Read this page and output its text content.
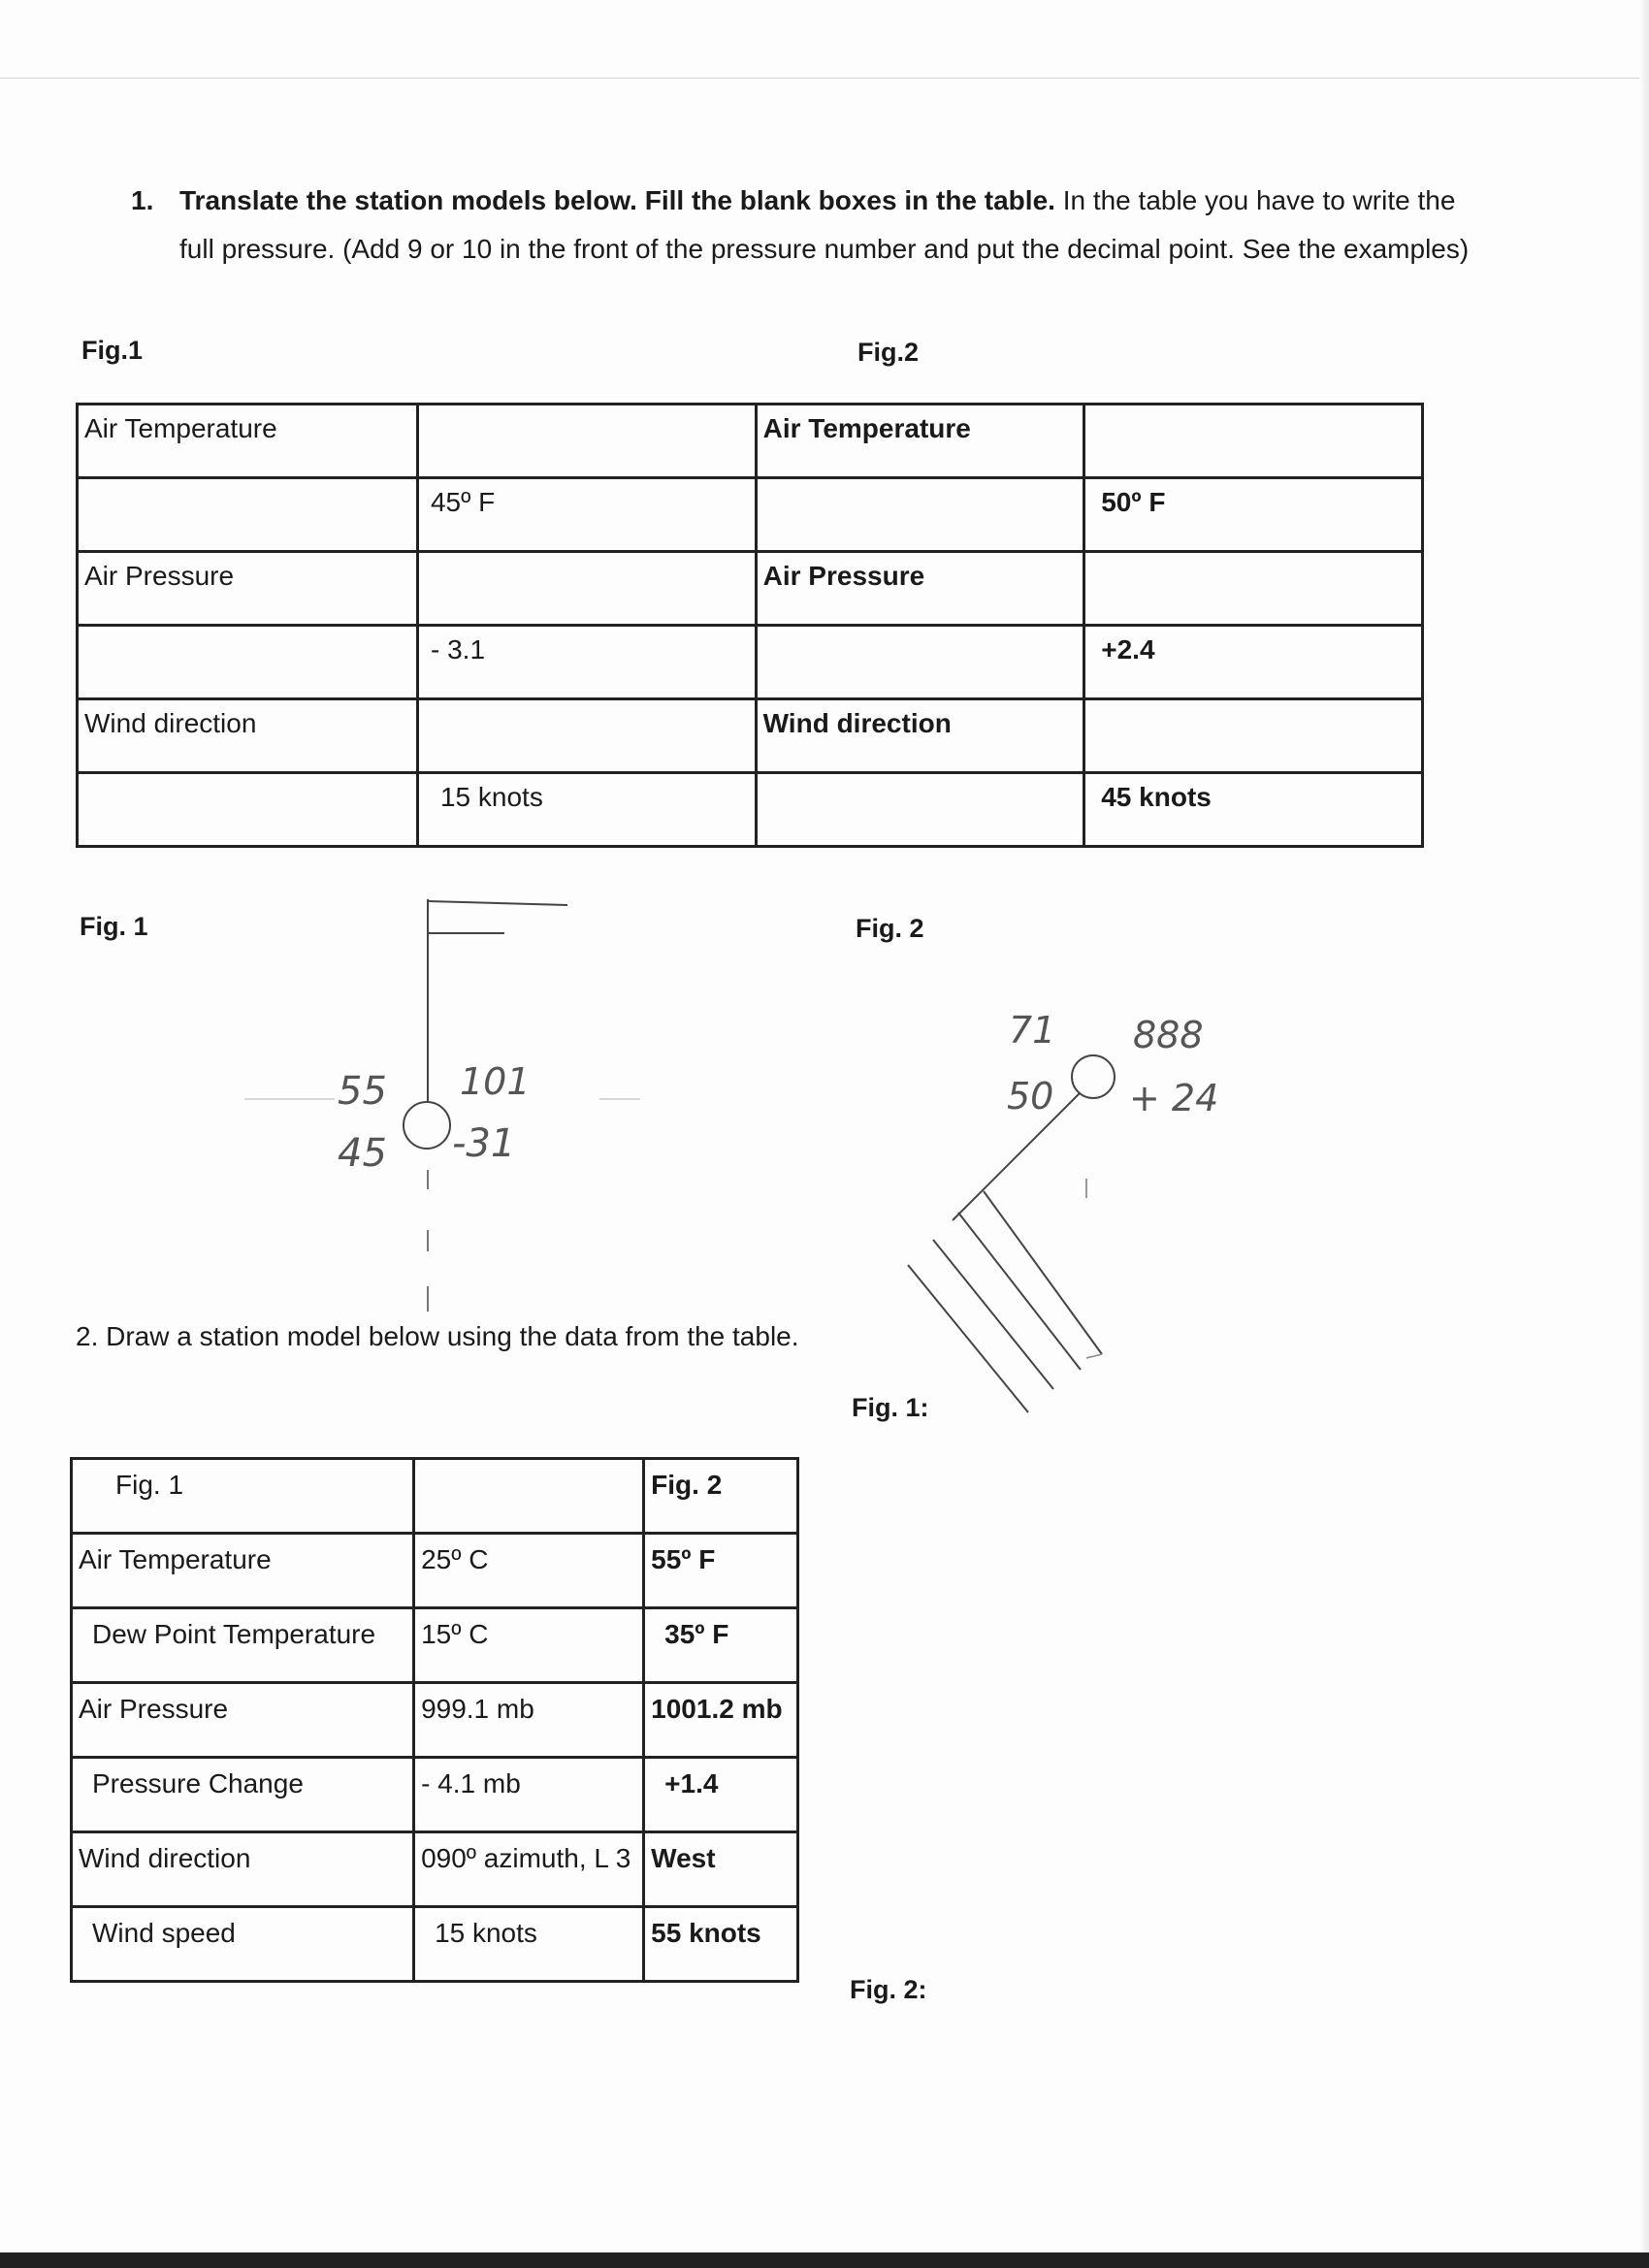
1. Translate the station models below. Fill the blank boxes in the table. In the table you have to write the full pressure. (Add 9 or 10 in the front of the pressure number and put the decimal point. See the examples)
Fig.1	Fig.2
Air Temperature		Air Temperature	
	45º F		50º F
Air Pressure		Air Pressure	
	- 3.1		+2.4
Wind direction		Wind direction	
	15 knots		45 knots
Fig. 1	Fig. 2
55
45
101
-31
71
50
888
+ 24
2. Draw a station model below using the data from the table.
Fig. 1:
Fig. 2:
Fig. 1		Fig. 2
Air Temperature	25º C	55º F
Dew Point Temperature	15º C	35º F
Air Pressure	999.1 mb	1001.2 mb
Pressure Change	- 4.1 mb	+1.4
Wind direction	090º azimuth, L 3	West
Wind speed	15 knots	55 knots
